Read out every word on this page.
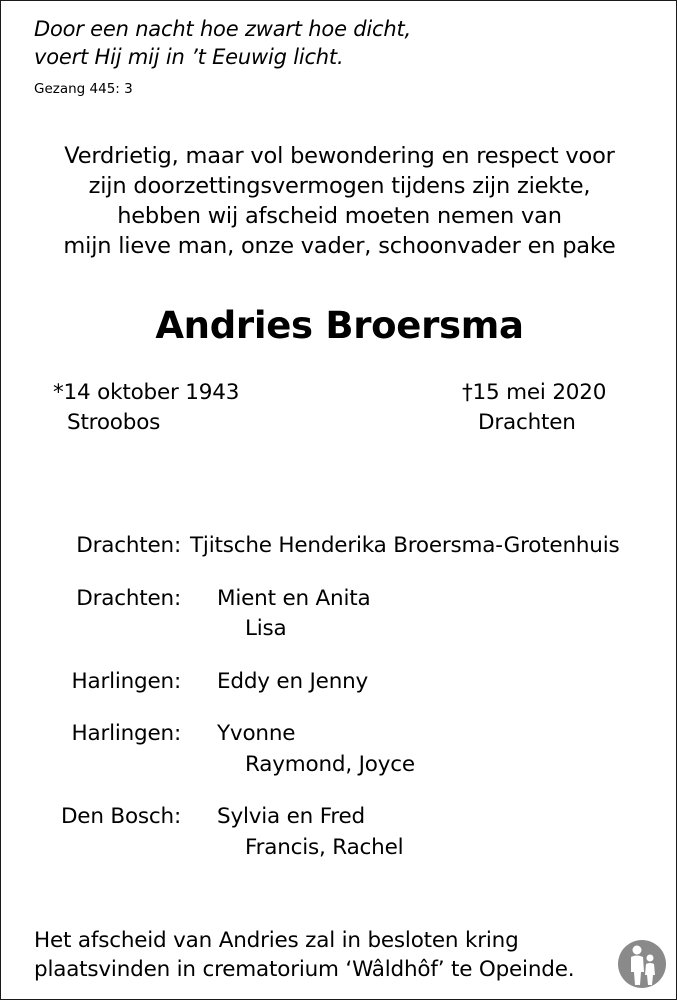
Door een nacht hoe zwart hoe dicht,
voert Hij mij in ’t Eeuwig licht.
Gezang 445: 3
Verdrietig, maar vol bewondering en respect voor
zijn doorzettingsvermogen tijdens zijn ziekte,
hebben wij afscheid moeten nemen van
mijn lieve man, onze vader, schoonvader en pake
Andries Broersma
*14 oktober 1943
Stroobos
†15 mei 2020
Drachten
Drachten: Tjitsche Henderika Broersma-Grotenhuis
Drachten: Mient en Anita
Lisa
Harlingen: Eddy en Jenny
Harlingen: Yvonne
Raymond, Joyce
Den Bosch: Sylvia en Fred
Francis, Rachel
Het afscheid van Andries zal in besloten kring
plaatsvinden in crematorium ‘Wâldhôf’ te Opeinde.
